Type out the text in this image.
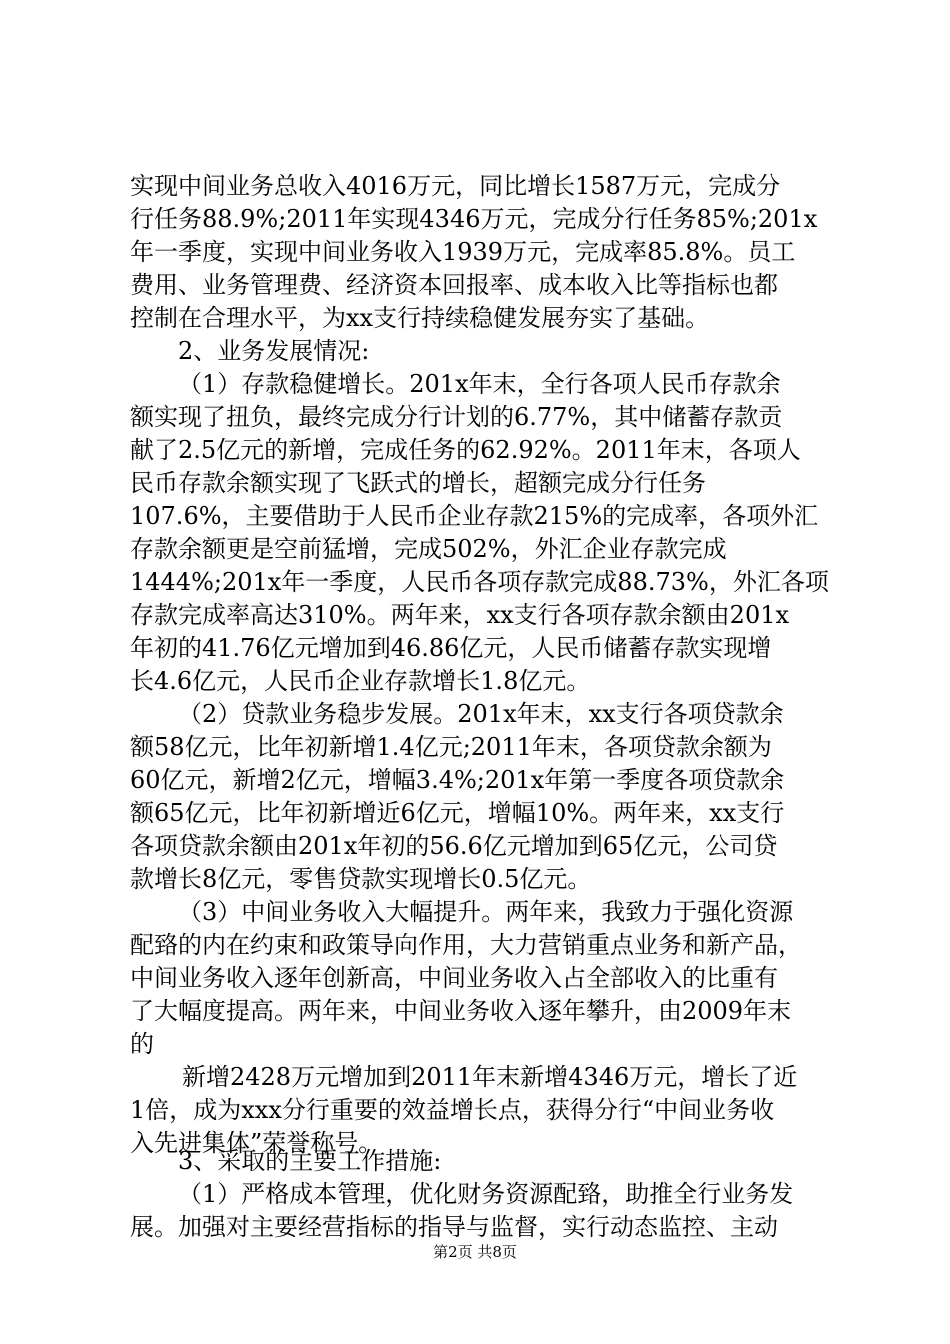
实现中间业务总收入4016万元，同比增长1587万元，完成分
行任务88.9%;2011年实现4346万元，完成分行任务85%;201x
年一季度，实现中间业务收入1939万元，完成率85.8%。员工
费用、业务管理费、经济资本回报率、成本收入比等指标也都
控制在合理水平，为xx支行持续稳健发展夯实了基础。
2、业务发展情况:
（1）存款稳健增长。201x年末，全行各项人民币存款余
额实现了扭负，最终完成分行计划的6.77%，其中储蓄存款贡
献了2.5亿元的新增，完成任务的62.92%。2011年末，各项人
民币存款余额实现了飞跃式的增长，超额完成分行任务
107.6%，主要借助于人民币企业存款215%的完成率，各项外汇
存款余额更是空前猛增，完成502%，外汇企业存款完成
1444%;201x年一季度，人民币各项存款完成88.73%，外汇各项
存款完成率高达310%。两年来，xx支行各项存款余额由201x
年初的41.76亿元增加到46.86亿元，人民币储蓄存款实现增
长4.6亿元，人民币企业存款增长1.8亿元。
（2）贷款业务稳步发展。201x年末，xx支行各项贷款余
额58亿元，比年初新增1.4亿元;2011年末，各项贷款余额为
60亿元，新增2亿元，增幅3.4%;201x年第一季度各项贷款余
额65亿元，比年初新增近6亿元，增幅10%。两年来，xx支行
各项贷款余额由201x年初的56.6亿元增加到65亿元，公司贷
款增长8亿元，零售贷款实现增长0.5亿元。
（3）中间业务收入大幅提升。两年来，我致力于强化资源
配臵的内在约束和政策导向作用，大力营销重点业务和新产品，
中间业务收入逐年创新高，中间业务收入占全部收入的比重有
了大幅度提高。两年来，中间业务收入逐年攀升，由2009年末
的
新增2428万元增加到2011年末新增4346万元，增长了近
1倍，成为xxx分行重要的效益增长点，获得分行“中间业务收
入先进集体”荣誉称号。
3、采取的主要工作措施:
（1）严格成本管理，优化财务资源配臵，助推全行业务发
第2页 共8页
展。加强对主要经营指标的指导与监督，实行动态监控、主动
